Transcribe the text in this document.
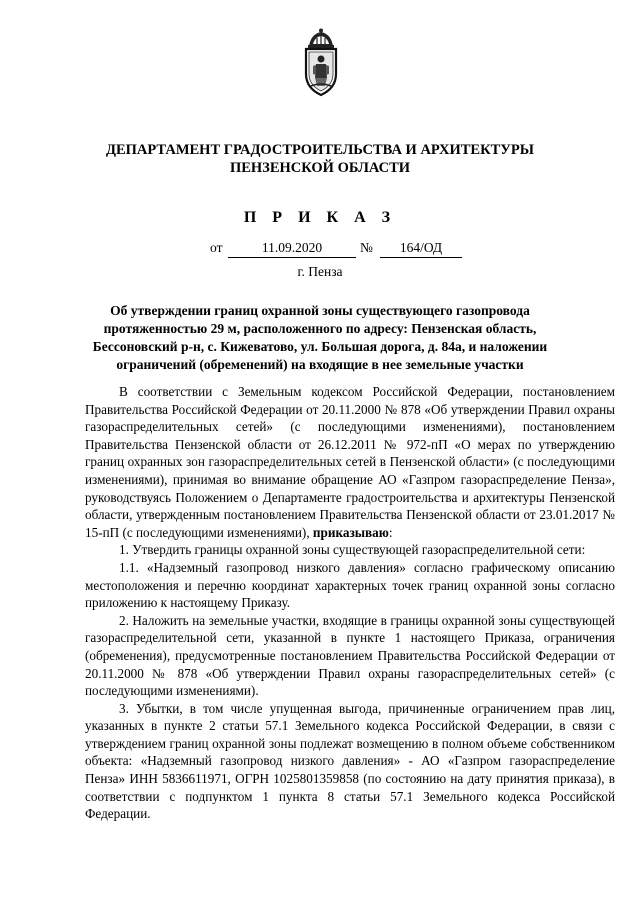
ДЕПАРТАМЕНТ ГРАДОСТРОИТЕЛЬСТВА И АРХИТЕКТУРЫ
ПЕНЗЕНСКОЙ ОБЛАСТИ
П Р И К А З
от	11.09.2020	№	164/ОД
г. Пенза
Об утверждении границ охранной зоны существующего газопровода
протяженностью 29 м, расположенного по адресу: Пензенская область,
Бессоновский р-н, с. Кижеватово, ул. Большая дорога, д. 84а, и наложении
ограничений (обременений) на входящие в нее земельные участки

В соответствии с Земельным кодексом Российской Федерации, постановлением Правительства Российской Федерации от 20.11.2000 № 878 «Об утверждении Правил охраны газораспределительных сетей» (с последующими изменениями), постановлением Правительства Пензенской области от 26.12.2011 № 972-пП «О мерах по утверждению границ охранных зон газораспределительных сетей в Пензенской области» (с последующими изменениями), принимая во внимание обращение АО «Газпром газораспределение Пенза», руководствуясь Положением о Департаменте градостроительства и архитектуры Пензенской области, утвержденным постановлением Правительства Пензенской области от 23.01.2017 № 15-пП (с последующими изменениями), приказываю:

1. Утвердить границы охранной зоны существующей газораспределительной сети:

1.1. «Надземный газопровод низкого давления» согласно графическому описанию местоположения и перечню координат характерных точек границ охранной зоны согласно приложению к настоящему Приказу.

2. Наложить на земельные участки, входящие в границы охранной зоны существующей газораспределительной сети, указанной в пункте 1 настоящего Приказа, ограничения (обременения), предусмотренные постановлением Правительства Российской Федерации от 20.11.2000 № 878 «Об утверждении Правил охраны газораспределительных сетей» (с последующими изменениями).

3. Убытки, в том числе упущенная выгода, причиненные ограничением прав лиц, указанных в пункте 2 статьи 57.1 Земельного кодекса Российской Федерации, в связи с утверждением границ охранной зоны подлежат возмещению в полном объеме собственником объекта: «Надземный газопровод низкого давления» - АО «Газпром газораспределение Пенза» ИНН 5836611971, ОГРН 1025801359858 (по состоянию на дату принятия приказа), в соответствии с подпунктом 1 пункта 8 статьи 57.1 Земельного кодекса Российской Федерации.
